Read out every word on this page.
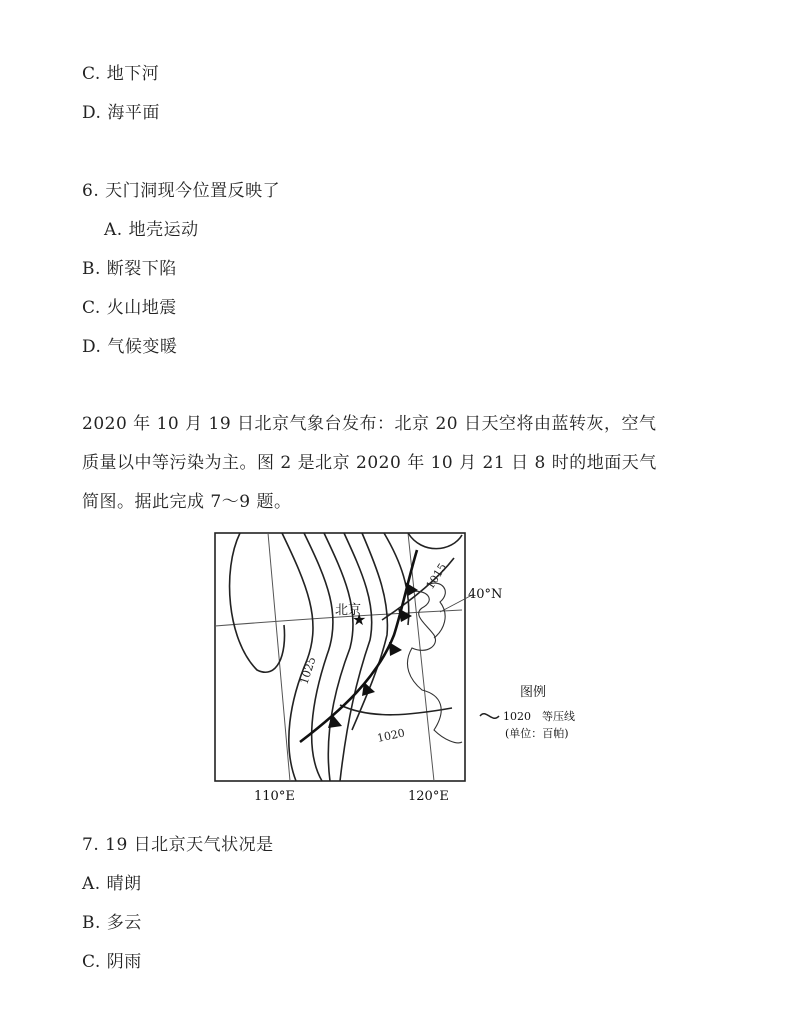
C. 地下河
D. 海平面
6. 天门洞现今位置反映了
A. 地壳运动
B. 断裂下陷
C. 火山地震
D. 气候变暖
2020 年 10 月 19 日北京气象台发布：北京 20 日天空将由蓝转灰，空气
质量以中等污染为主。图 2 是北京 2020 年 10 月 21 日 8 时的地面天气
简图。据此完成 7～9 题。
★
北京
1025
1020
1015
40°N
110°E	120°E
图例
1020 等压线
(单位：百帕)
7. 19 日北京天气状况是
A. 晴朗
B. 多云
C. 阴雨
